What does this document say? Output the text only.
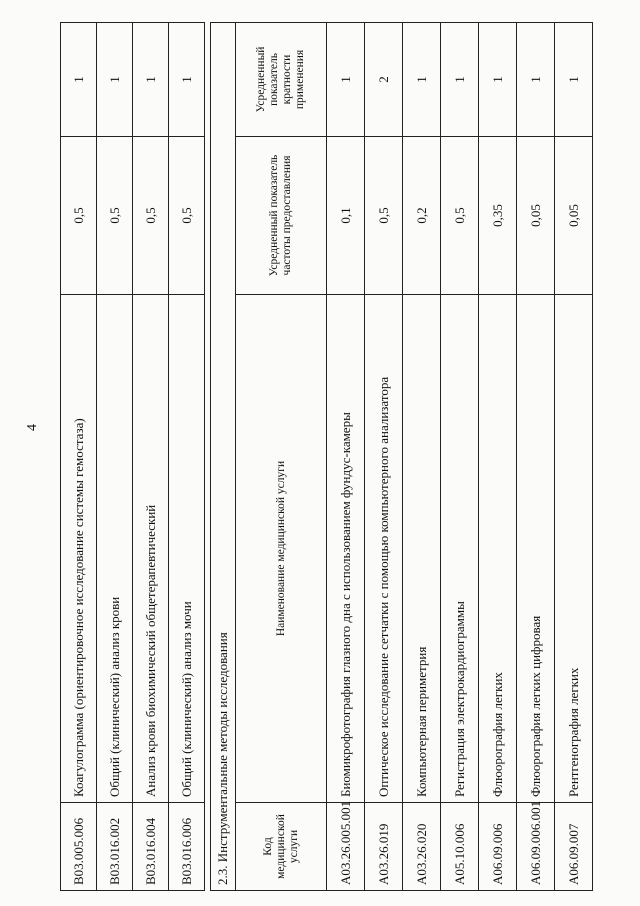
4
B03.005.006	Коагулограмма (ориентировочное исследование системы гемостаза)	0,5	1
B03.016.002	Общий (клинический) анализ крови	0,5	1
B03.016.004	Анализ крови биохимический общетерапевтический	0,5	1
B03.016.006	Общий (клинический) анализ мочи	0,5	1
2.3. Инструментальные методы исследования			
Код медицинской услуги	Наименование медицинской услуги	Усредненный показатель частоты предоставления	Усредненный показатель кратности применения
A03.26.005.001	Биомикрофотография глазного дна с использованием фундус-камеры	0,1	1
A03.26.019	Оптическое исследование сетчатки с помощью компьютерного анализатора	0,5	2
A03.26.020	Компьютерная периметрия	0,2	1
A05.10.006	Регистрация электрокардиограммы	0,5	1
A06.09.006	Флюорография легких	0,35	1
A06.09.006.001	Флюорография легких цифровая	0,05	1
A06.09.007	Рентгенография легких	0,05	1
